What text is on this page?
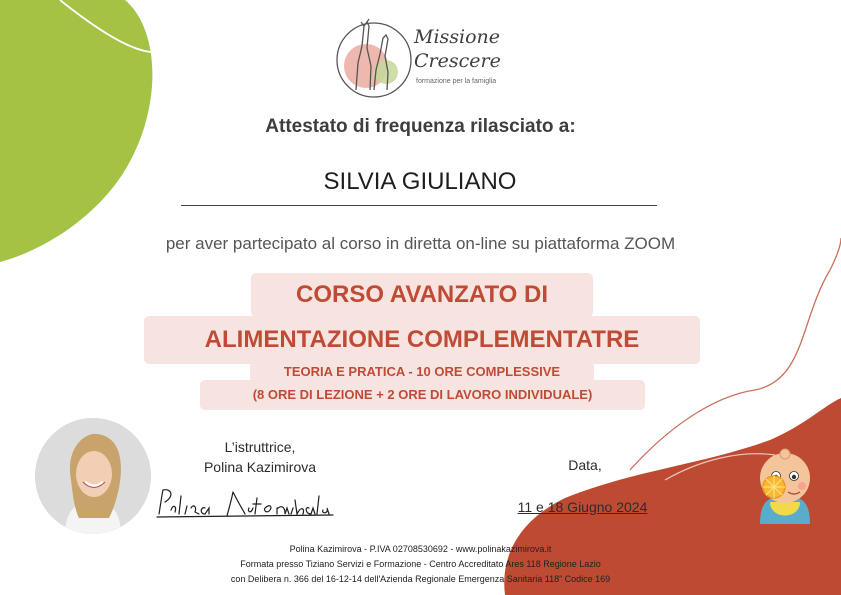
Missione
Crescere
formazione per la famiglia
Attestato di frequenza rilasciato a:
SILVIA GIULIANO
per aver partecipato al corso in diretta on-line su piattaforma ZOOM
CORSO AVANZATO DI
ALIMENTAZIONE COMPLEMENTATRE
TEORIA E PRATICA - 10 ORE COMPLESSIVE
(8 ORE DI LEZIONE + 2 ORE DI LAVORO INDIVIDUALE)
L’istruttrice,
Polina Kazimirova	Data,
11 e 18 Giugno 2024
Polina Kazimirova - P.IVA 02708530692 - www.polinakazimirova.it
Formata presso Tiziano Servizi e Formazione - Centro Accreditato Ares 118 Regione Lazio
con Delibera n. 366 del 16-12-14 dell'Azienda Regionale Emergenza Sanitaria 118” Codice 169
